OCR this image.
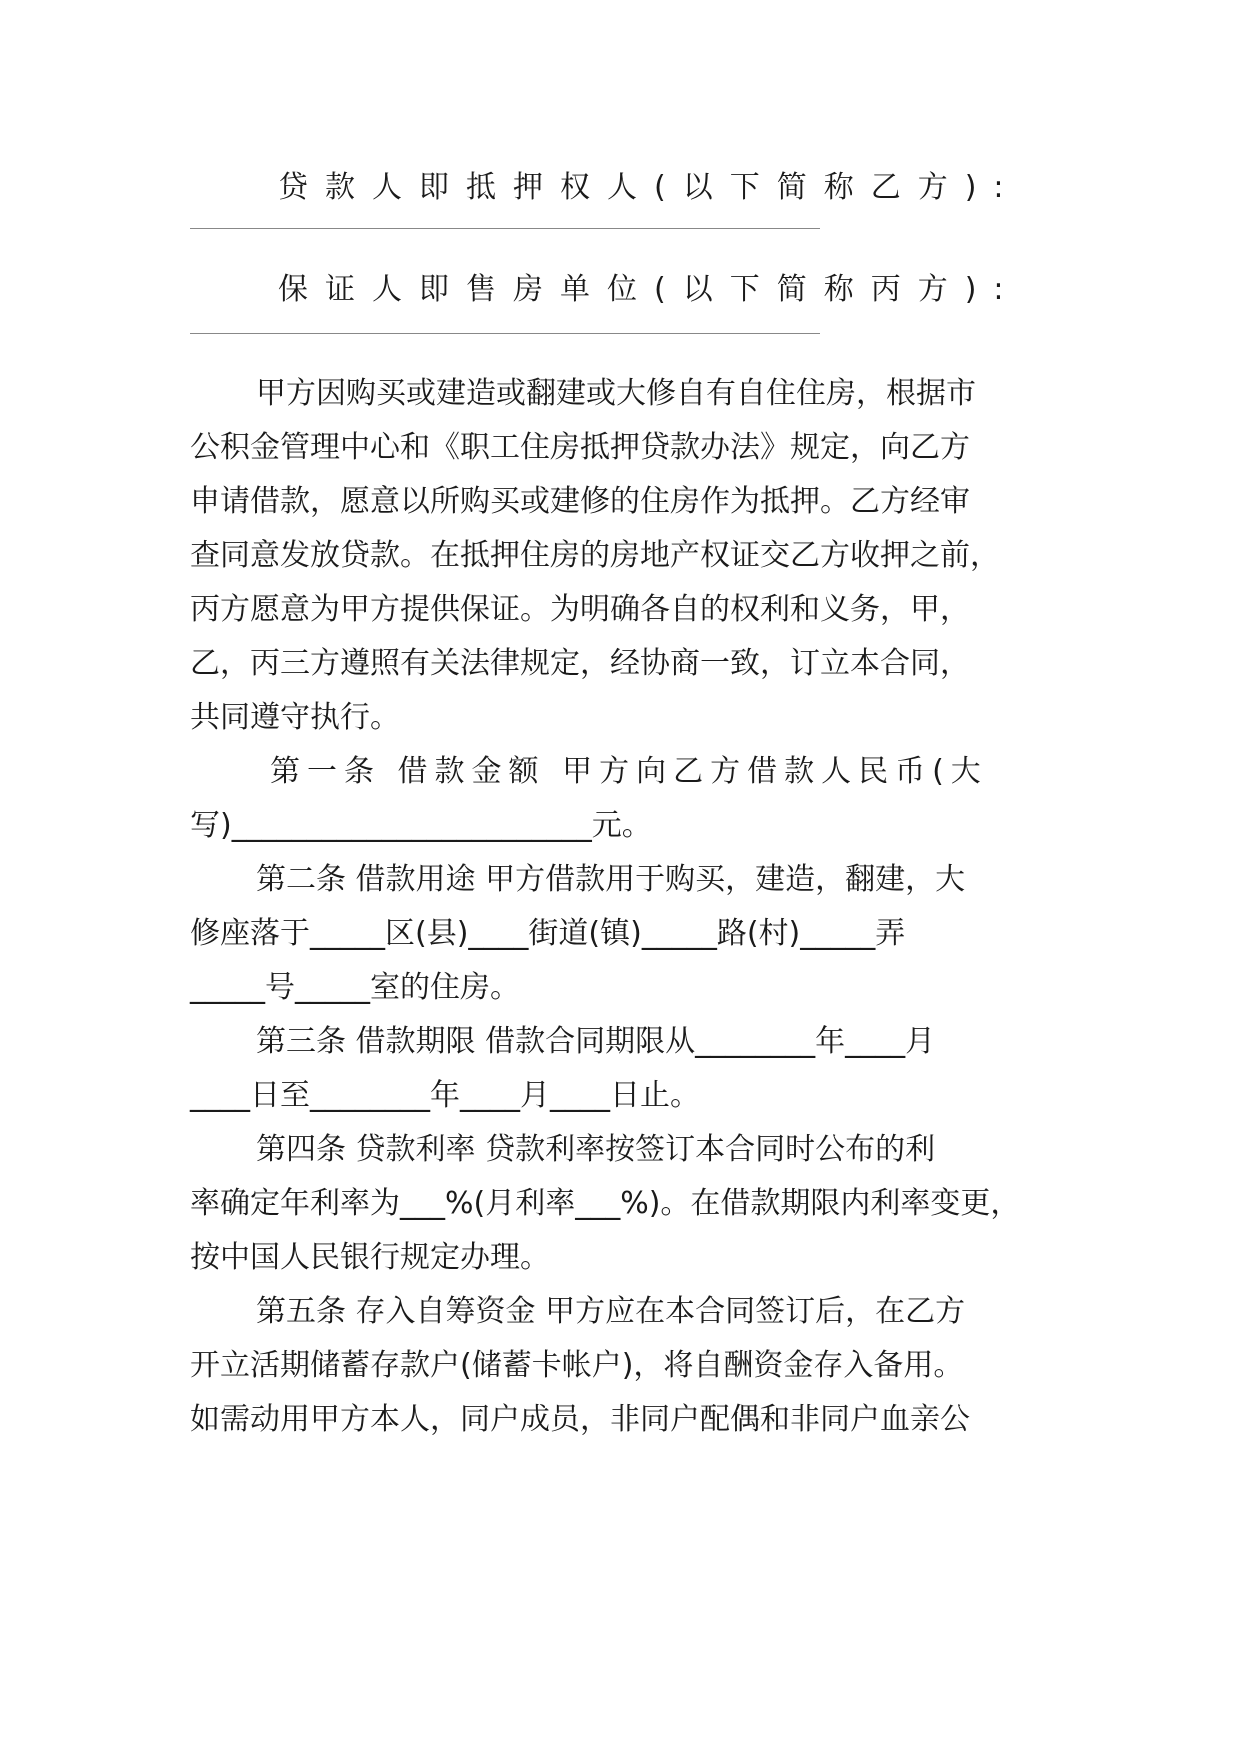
贷款人即抵押权人(以下简称乙方):
保证人即售房单位(以下简称丙方):
甲方因购买或建造或翻建或大修自有自住住房，根据市
公积金管理中心和《职工住房抵押贷款办法》规定，向乙方
申请借款，愿意以所购买或建修的住房作为抵押。乙方经审
查同意发放贷款。在抵押住房的房地产权证交乙方收押之前，
丙方愿意为甲方提供保证。为明确各自的权利和义务，甲，
乙，丙三方遵照有关法律规定，经协商一致，订立本合同，
共同遵守执行。
第一条 借款金额 甲方向乙方借款人民币(大
写)________________________元。
第二条 借款用途 甲方借款用于购买，建造，翻建，大
修座落于_____区(县)____街道(镇)_____路(村)_____弄
_____号_____室的住房。
第三条 借款期限 借款合同期限从________年____月
____日至________年____月____日止。
第四条 贷款利率 贷款利率按签订本合同时公布的利
率确定年利率为___%(月利率___%)。在借款期限内利率变更，
按中国人民银行规定办理。
第五条 存入自筹资金 甲方应在本合同签订后，在乙方
开立活期储蓄存款户(储蓄卡帐户)，将自酬资金存入备用。
如需动用甲方本人，同户成员，非同户配偶和非同户血亲公
